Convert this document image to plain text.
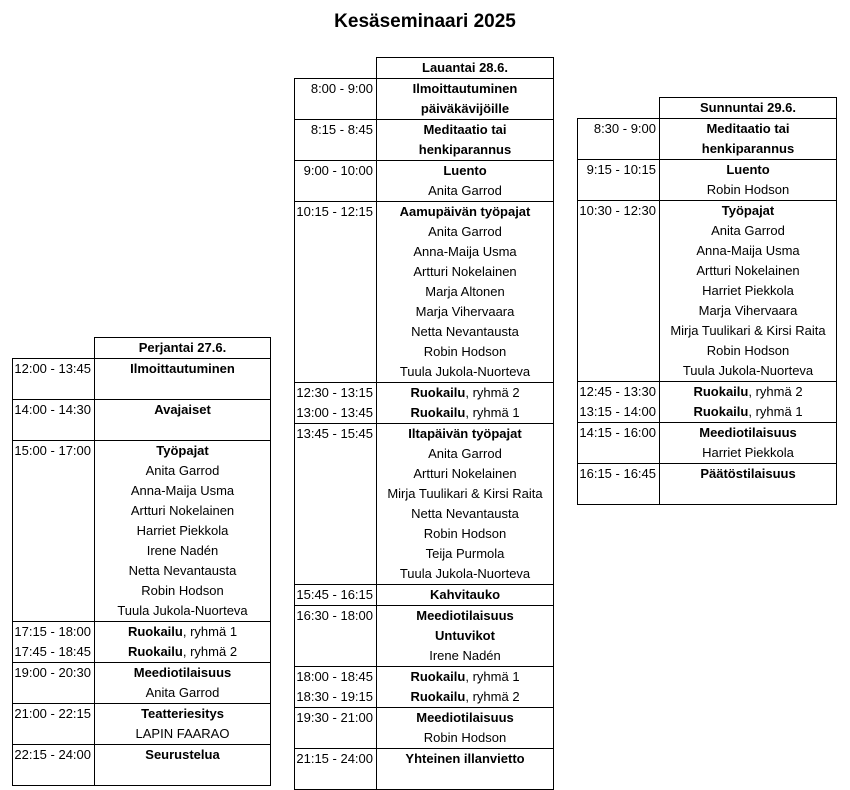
Kesäseminaari 2025
	Perjantai 27.6.
12:00 - 13:45	Ilmoittautuminen

14:00 - 14:30	Avajaiset

15:00 - 17:00	Työpajat
	Anita Garrod
	Anna-Maija Usma
	Artturi Nokelainen
	Harriet Piekkola
	Irene Nadén
	Netta Nevantausta
	Robin Hodson
	Tuula Jukola-Nuorteva
17:15 - 18:00	Ruokailu, ryhmä 1
17:45 - 18:45	Ruokailu, ryhmä 2
19:00 - 20:30	Meediotilaisuus
	Anita Garrod
21:00 - 22:15	Teatteriesitys
	LAPIN FAARAO
22:15 - 24:00	Seurustelua

	Lauantai 28.6.
8:00 - 9:00	Ilmoittautuminen
	päiväkävijöille
8:15 - 8:45	Meditaatio tai
	henkiparannus
9:00 - 10:00	Luento
	Anita Garrod
10:15 - 12:15	Aamupäivän työpajat
	Anita Garrod
	Anna-Maija Usma
	Artturi Nokelainen
	Marja Altonen
	Marja Vihervaara
	Netta Nevantausta
	Robin Hodson
	Tuula Jukola-Nuorteva
12:30 - 13:15	Ruokailu, ryhmä 2
13:00 - 13:45	Ruokailu, ryhmä 1
13:45 - 15:45	Iltapäivän työpajat
	Anita Garrod
	Artturi Nokelainen
	Mirja Tuulikari & Kirsi Raita
	Netta Nevantausta
	Robin Hodson
	Teija Purmola
	Tuula Jukola-Nuorteva
15:45 - 16:15	Kahvitauko
16:30 - 18:00	Meediotilaisuus
	Untuvikot
	Irene Nadén
18:00 - 18:45	Ruokailu, ryhmä 1
18:30 - 19:15	Ruokailu, ryhmä 2
19:30 - 21:00	Meediotilaisuus
	Robin Hodson
21:15 - 24:00	Yhteinen illanvietto

	Sunnuntai 29.6.
8:30 - 9:00	Meditaatio tai
	henkiparannus
9:15 - 10:15	Luento
	Robin Hodson
10:30 - 12:30	Työpajat
	Anita Garrod
	Anna-Maija Usma
	Artturi Nokelainen
	Harriet Piekkola
	Marja Vihervaara
	Mirja Tuulikari & Kirsi Raita
	Robin Hodson
	Tuula Jukola-Nuorteva
12:45 - 13:30	Ruokailu, ryhmä 2
13:15 - 14:00	Ruokailu, ryhmä 1
14:15 - 16:00	Meediotilaisuus
	Harriet Piekkola
16:15 - 16:45	Päätöstilaisuus
